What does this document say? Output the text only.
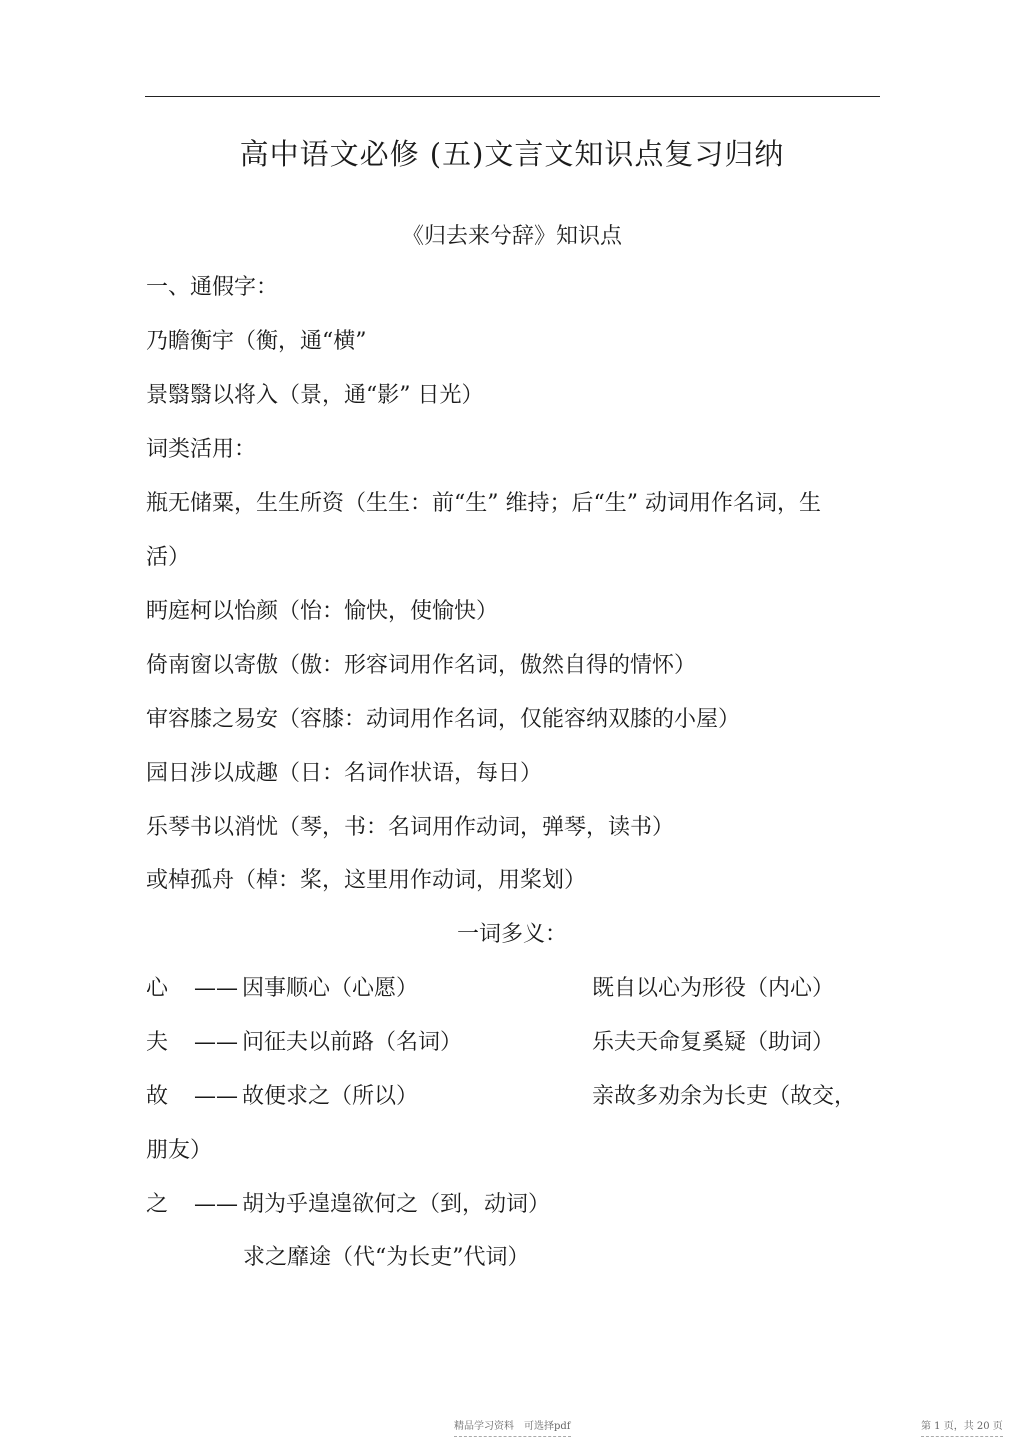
高中语文必修 (五)文言文知识点复习归纳
《归去来兮辞》知识点
一、通假字：
乃瞻衡宇（衡，通“横”
景翳翳以将入（景，通“影” 日光）
词类活用：
瓶无储粟，生生所资（生生：前“生” 维持；后“生” 动词用作名词，生
活）
眄庭柯以怡颜（怡：愉快，使愉快）
倚南窗以寄傲（傲：形容词用作名词，傲然自得的情怀）
审容膝之易安（容膝：动词用作名词，仅能容纳双膝的小屋）
园日涉以成趣（日：名词作状语，每日）
乐琴书以消忧（琴，书：名词用作动词，弹琴，读书）
或棹孤舟（棹：桨，这里用作动词，用桨划）
一词多义：
心 —— 因事顺心（心愿）	既自以心为形役（内心）
夫 —— 问征夫以前路（名词）	乐夫天命复奚疑（助词）
故 —— 故便求之（所以）	亲故多劝余为长吏（故交，
朋友）
之 —— 胡为乎遑遑欲何之（到，动词）
求之靡途（代“为长吏”代词）
精品学习资料　可选择pdf	第 1 页，共 20 页
